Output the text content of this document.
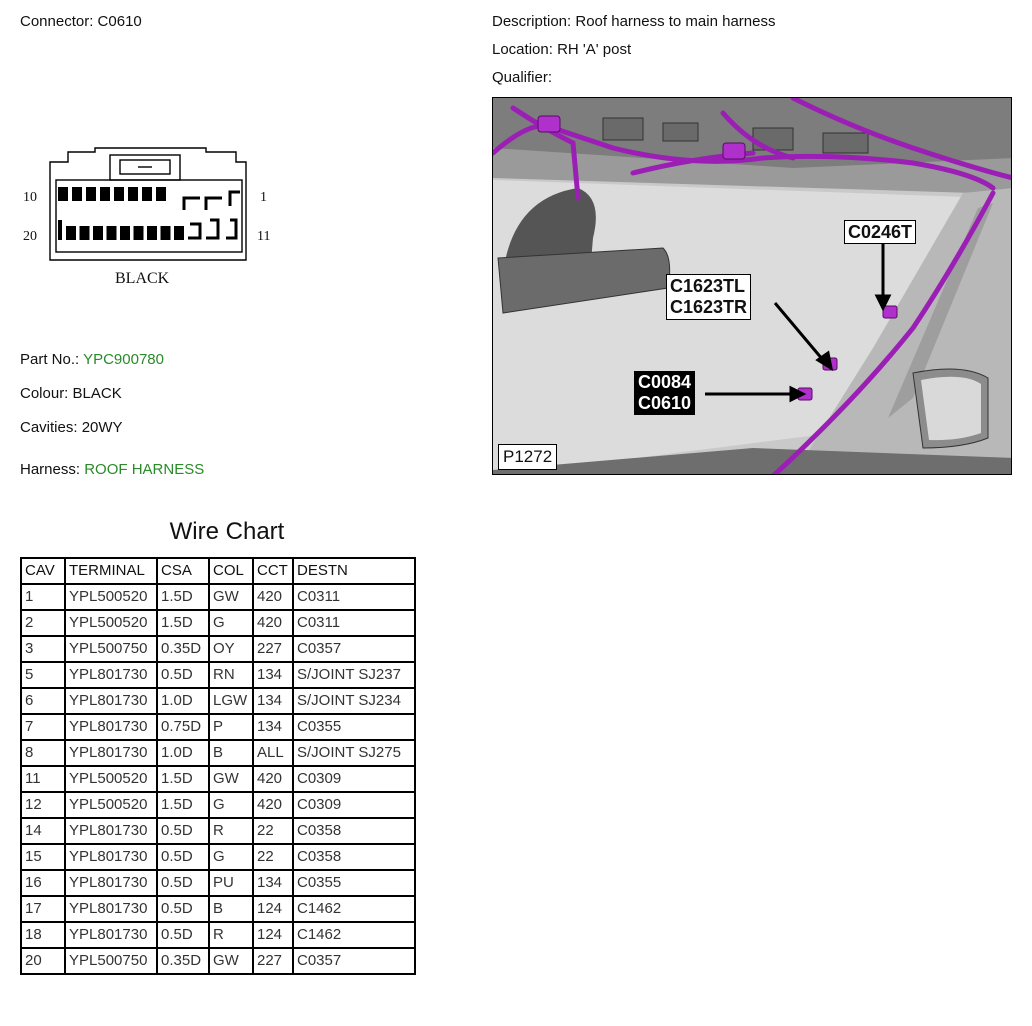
Connector: C0610	Description: Roof harness to main harness
Location: RH 'A' post
Qualifier:
10	1
20	11
BLACK
Part No.: YPC900780
Colour: BLACK
Cavities: 20WY
Harness: ROOF HARNESS
C0246T
C1623TL
C1623TR
C0084
C0610
P1272
Wire Chart
CAV	TERMINAL	CSA	COL	CCT	DESTN
1	YPL500520	1.5D	GW	420	C0311
2	YPL500520	1.5D	G	420	C0311
3	YPL500750	0.35D	OY	227	C0357
5	YPL801730	0.5D	RN	134	S/JOINT SJ237
6	YPL801730	1.0D	LGW	134	S/JOINT SJ234
7	YPL801730	0.75D	P	134	C0355
8	YPL801730	1.0D	B	ALL	S/JOINT SJ275
11	YPL500520	1.5D	GW	420	C0309
12	YPL500520	1.5D	G	420	C0309
14	YPL801730	0.5D	R	22	C0358
15	YPL801730	0.5D	G	22	C0358
16	YPL801730	0.5D	PU	134	C0355
17	YPL801730	0.5D	B	124	C1462
18	YPL801730	0.5D	R	124	C1462
20	YPL500750	0.35D	GW	227	C0357
